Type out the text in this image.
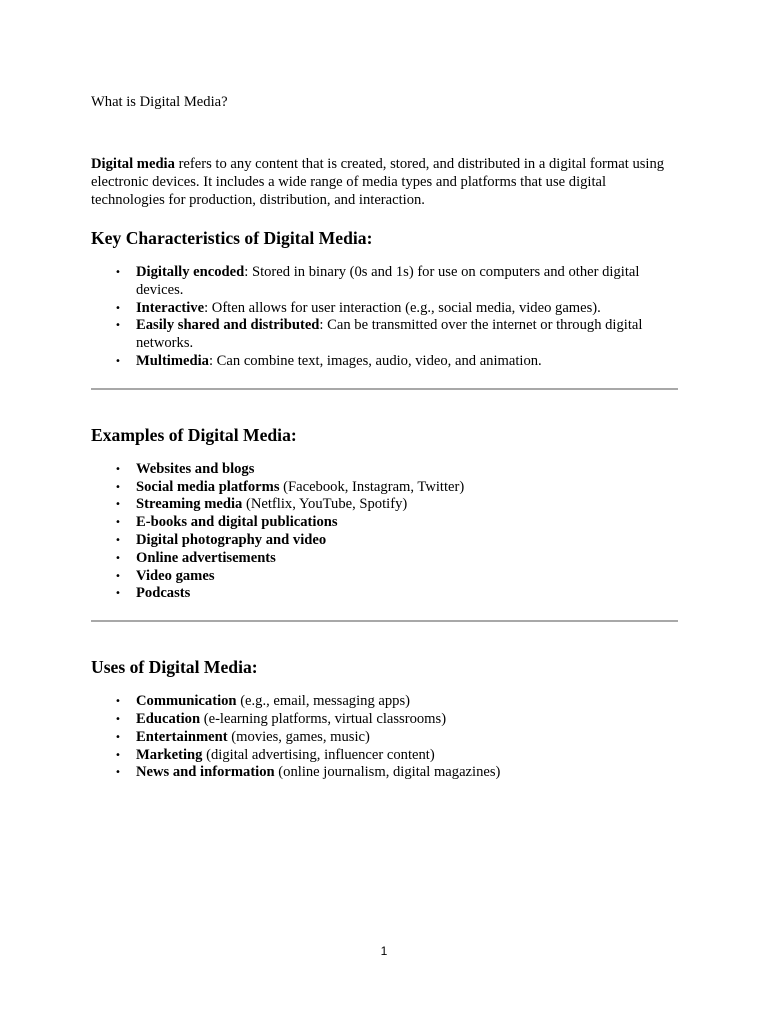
What is Digital Media?

Digital media refers to any content that is created, stored, and distributed in a digital format using electronic devices. It includes a wide range of media types and platforms that use digital technologies for production, distribution, and interaction.

Key Characteristics of Digital Media:
• Digitally encoded: Stored in binary (0s and 1s) for use on computers and other digital devices.
• Interactive: Often allows for user interaction (e.g., social media, video games).
• Easily shared and distributed: Can be transmitted over the internet or through digital networks.
• Multimedia: Can combine text, images, audio, video, and animation.
Examples of Digital Media:
• Websites and blogs
• Social media platforms (Facebook, Instagram, Twitter)
• Streaming media (Netflix, YouTube, Spotify)
• E-books and digital publications
• Digital photography and video
• Online advertisements
• Video games
• Podcasts
Uses of Digital Media:
• Communication (e.g., email, messaging apps)
• Education (e-learning platforms, virtual classrooms)
• Entertainment (movies, games, music)
• Marketing (digital advertising, influencer content)
• News and information (online journalism, digital magazines)
1
